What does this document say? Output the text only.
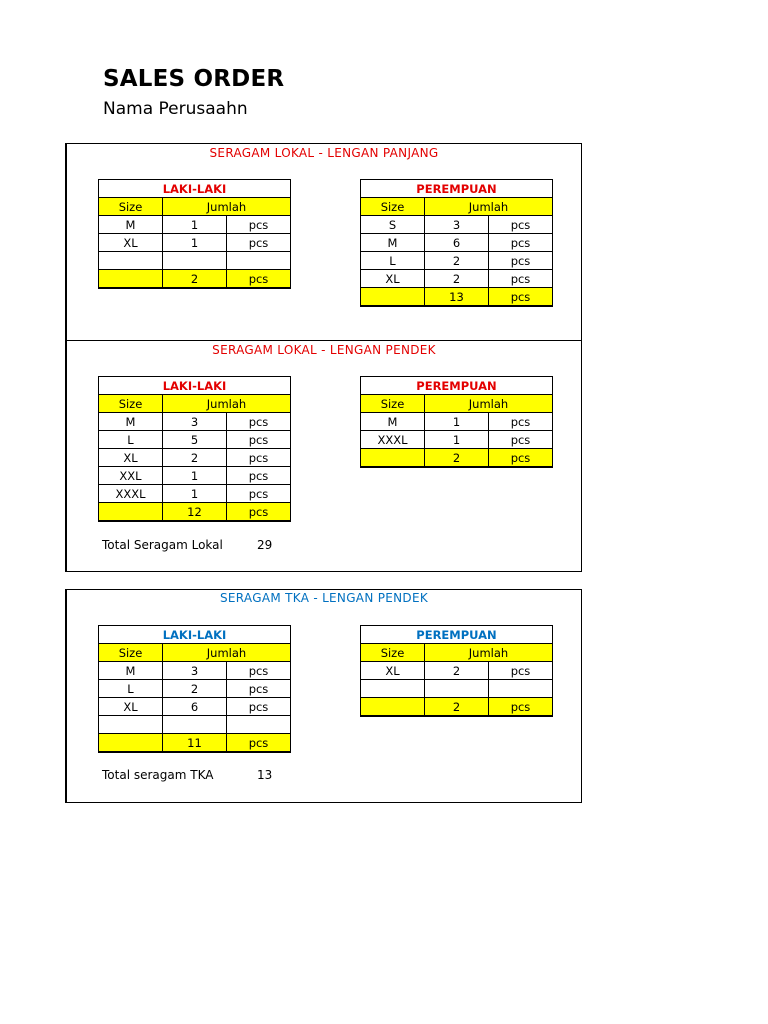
SALES ORDER
Nama Perusaahn
SERAGAM LOKAL - LENGAN PANJANG
LAKI-LAKI		
Size	Jumlah	
M	1	pcs
XL	1	pcs

	2	pcs
PEREMPUAN		
Size	Jumlah	
S	3	pcs
M	6	pcs
L	2	pcs
XL	2	pcs
	13	pcs
SERAGAM LOKAL - LENGAN PENDEK
LAKI-LAKI		
Size	Jumlah	
M	3	pcs
L	5	pcs
XL	2	pcs
XXL	1	pcs
XXXL	1	pcs
	12	pcs
PEREMPUAN		
Size	Jumlah	
M	1	pcs
XXXL	1	pcs
	2	pcs
Total Seragam Lokal	29
SERAGAM TKA - LENGAN PENDEK
LAKI-LAKI		
Size	Jumlah	
M	3	pcs
L	2	pcs
XL	6	pcs

	11	pcs
PEREMPUAN		
Size	Jumlah	
XL	2	pcs

	2	pcs
Total seragam TKA	13
